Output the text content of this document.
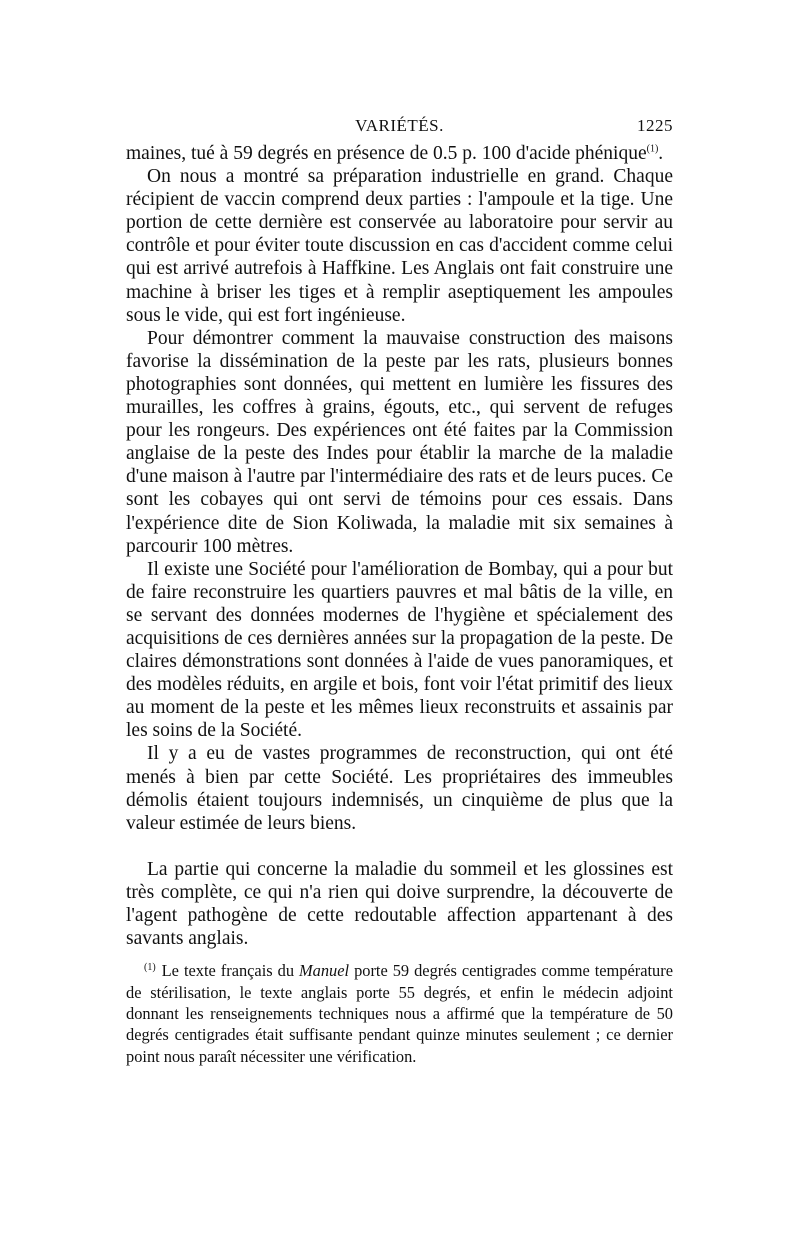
VARIÉTÉS.	1225

maines, tué à 59 degrés en présence de 0.5 p. 100 d'acide phénique$^{(1)}$.

On nous a montré sa préparation industrielle en grand. Chaque récipient de vaccin comprend deux parties : l'ampoule et la tige. Une portion de cette dernière est conservée au laboratoire pour servir au contrôle et pour éviter toute discussion en cas d'accident comme celui qui est arrivé autrefois à Haffkine. Les Anglais ont fait construire une machine à briser les tiges et à remplir aseptiquement les ampoules sous le vide, qui est fort ingénieuse.

Pour démontrer comment la mauvaise construction des maisons favorise la dissémination de la peste par les rats, plusieurs bonnes photographies sont données, qui mettent en lumière les fissures des murailles, les coffres à grains, égouts, etc., qui servent de refuges pour les rongeurs. Des expériences ont été faites par la Commission anglaise de la peste des Indes pour établir la marche de la maladie d'une maison à l'autre par l'intermédiaire des rats et de leurs puces. Ce sont les cobayes qui ont servi de témoins pour ces essais. Dans l'expérience dite de Sion Koliwada, la maladie mit six semaines à parcourir 100 mètres.

Il existe une Société pour l'amélioration de Bombay, qui a pour but de faire reconstruire les quartiers pauvres et mal bâtis de la ville, en se servant des données modernes de l'hygiène et spécialement des acquisitions de ces dernières années sur la propagation de la peste. De claires démonstrations sont données à l'aide de vues panoramiques, et des modèles réduits, en argile et bois, font voir l'état primitif des lieux au moment de la peste et les mêmes lieux reconstruits et assainis par les soins de la Société.

Il y a eu de vastes programmes de reconstruction, qui ont été menés à bien par cette Société. Les propriétaires des immeubles démolis étaient toujours indemnisés, un cinquième de plus que la valeur estimée de leurs biens.

La partie qui concerne la maladie du sommeil et les glossines est très complète, ce qui n'a rien qui doive surprendre, la découverte de l'agent pathogène de cette redoutable affection appartenant à des savants anglais.

$^{(1)}$ Le texte français du Manuel porte 59 degrés centigrades comme température de stérilisation, le texte anglais porte 55 degrés, et enfin le médecin adjoint donnant les renseignements techniques nous a affirmé que la température de 50 degrés centigrades était suffisante pendant quinze minutes seulement ; ce dernier point nous paraît nécessiter une vérification.
